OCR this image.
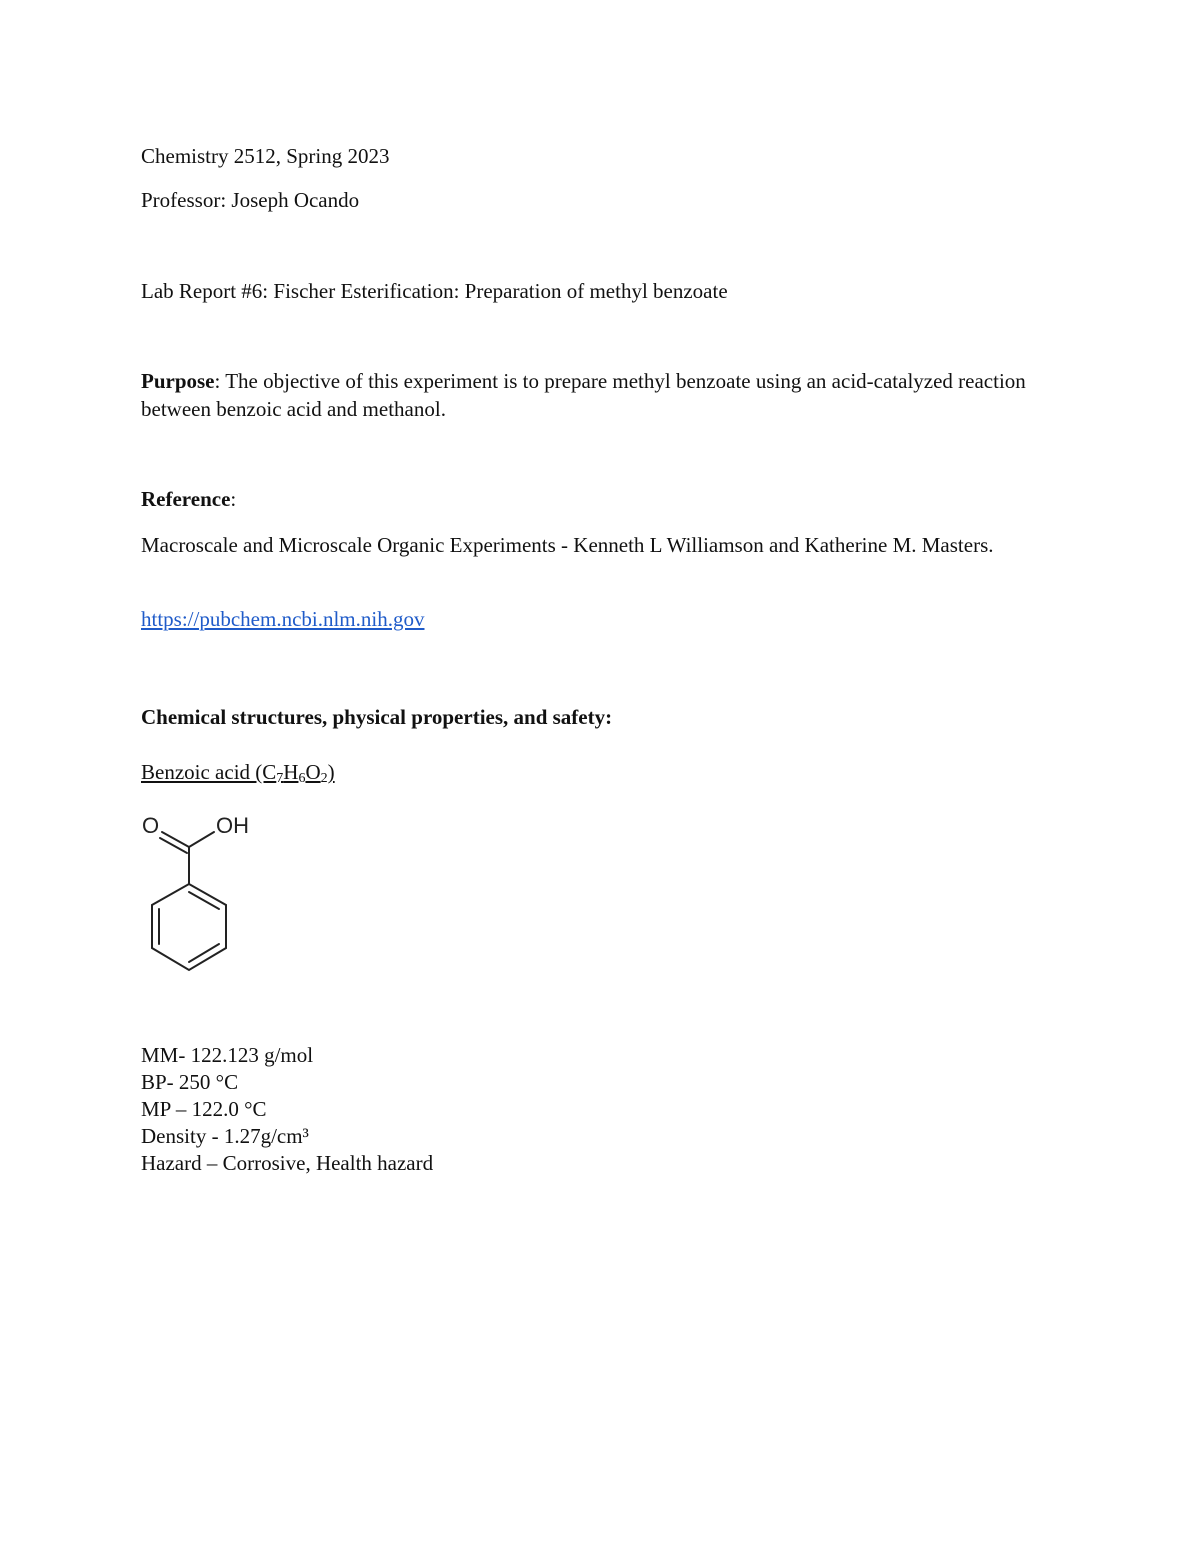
Chemistry 2512, Spring 2023
Professor: Joseph Ocando
Lab Report #6: Fischer Esterification: Preparation of methyl benzoate
Purpose: The objective of this experiment is to prepare methyl benzoate using an acid-catalyzed reaction between benzoic acid and methanol.
Reference:
Macroscale and Microscale Organic Experiments - Kenneth L Williamson and Katherine M. Masters.
https://pubchem.ncbi.nlm.nih.gov
Chemical structures, physical properties, and safety:
Benzoic acid $(C_7H_6O_2)$
O	OH
MM- 122.123 g/mol
BP- 250 °C
MP – 122.0 °C
Density - 1.27g/cm³
Hazard – Corrosive, Health hazard
